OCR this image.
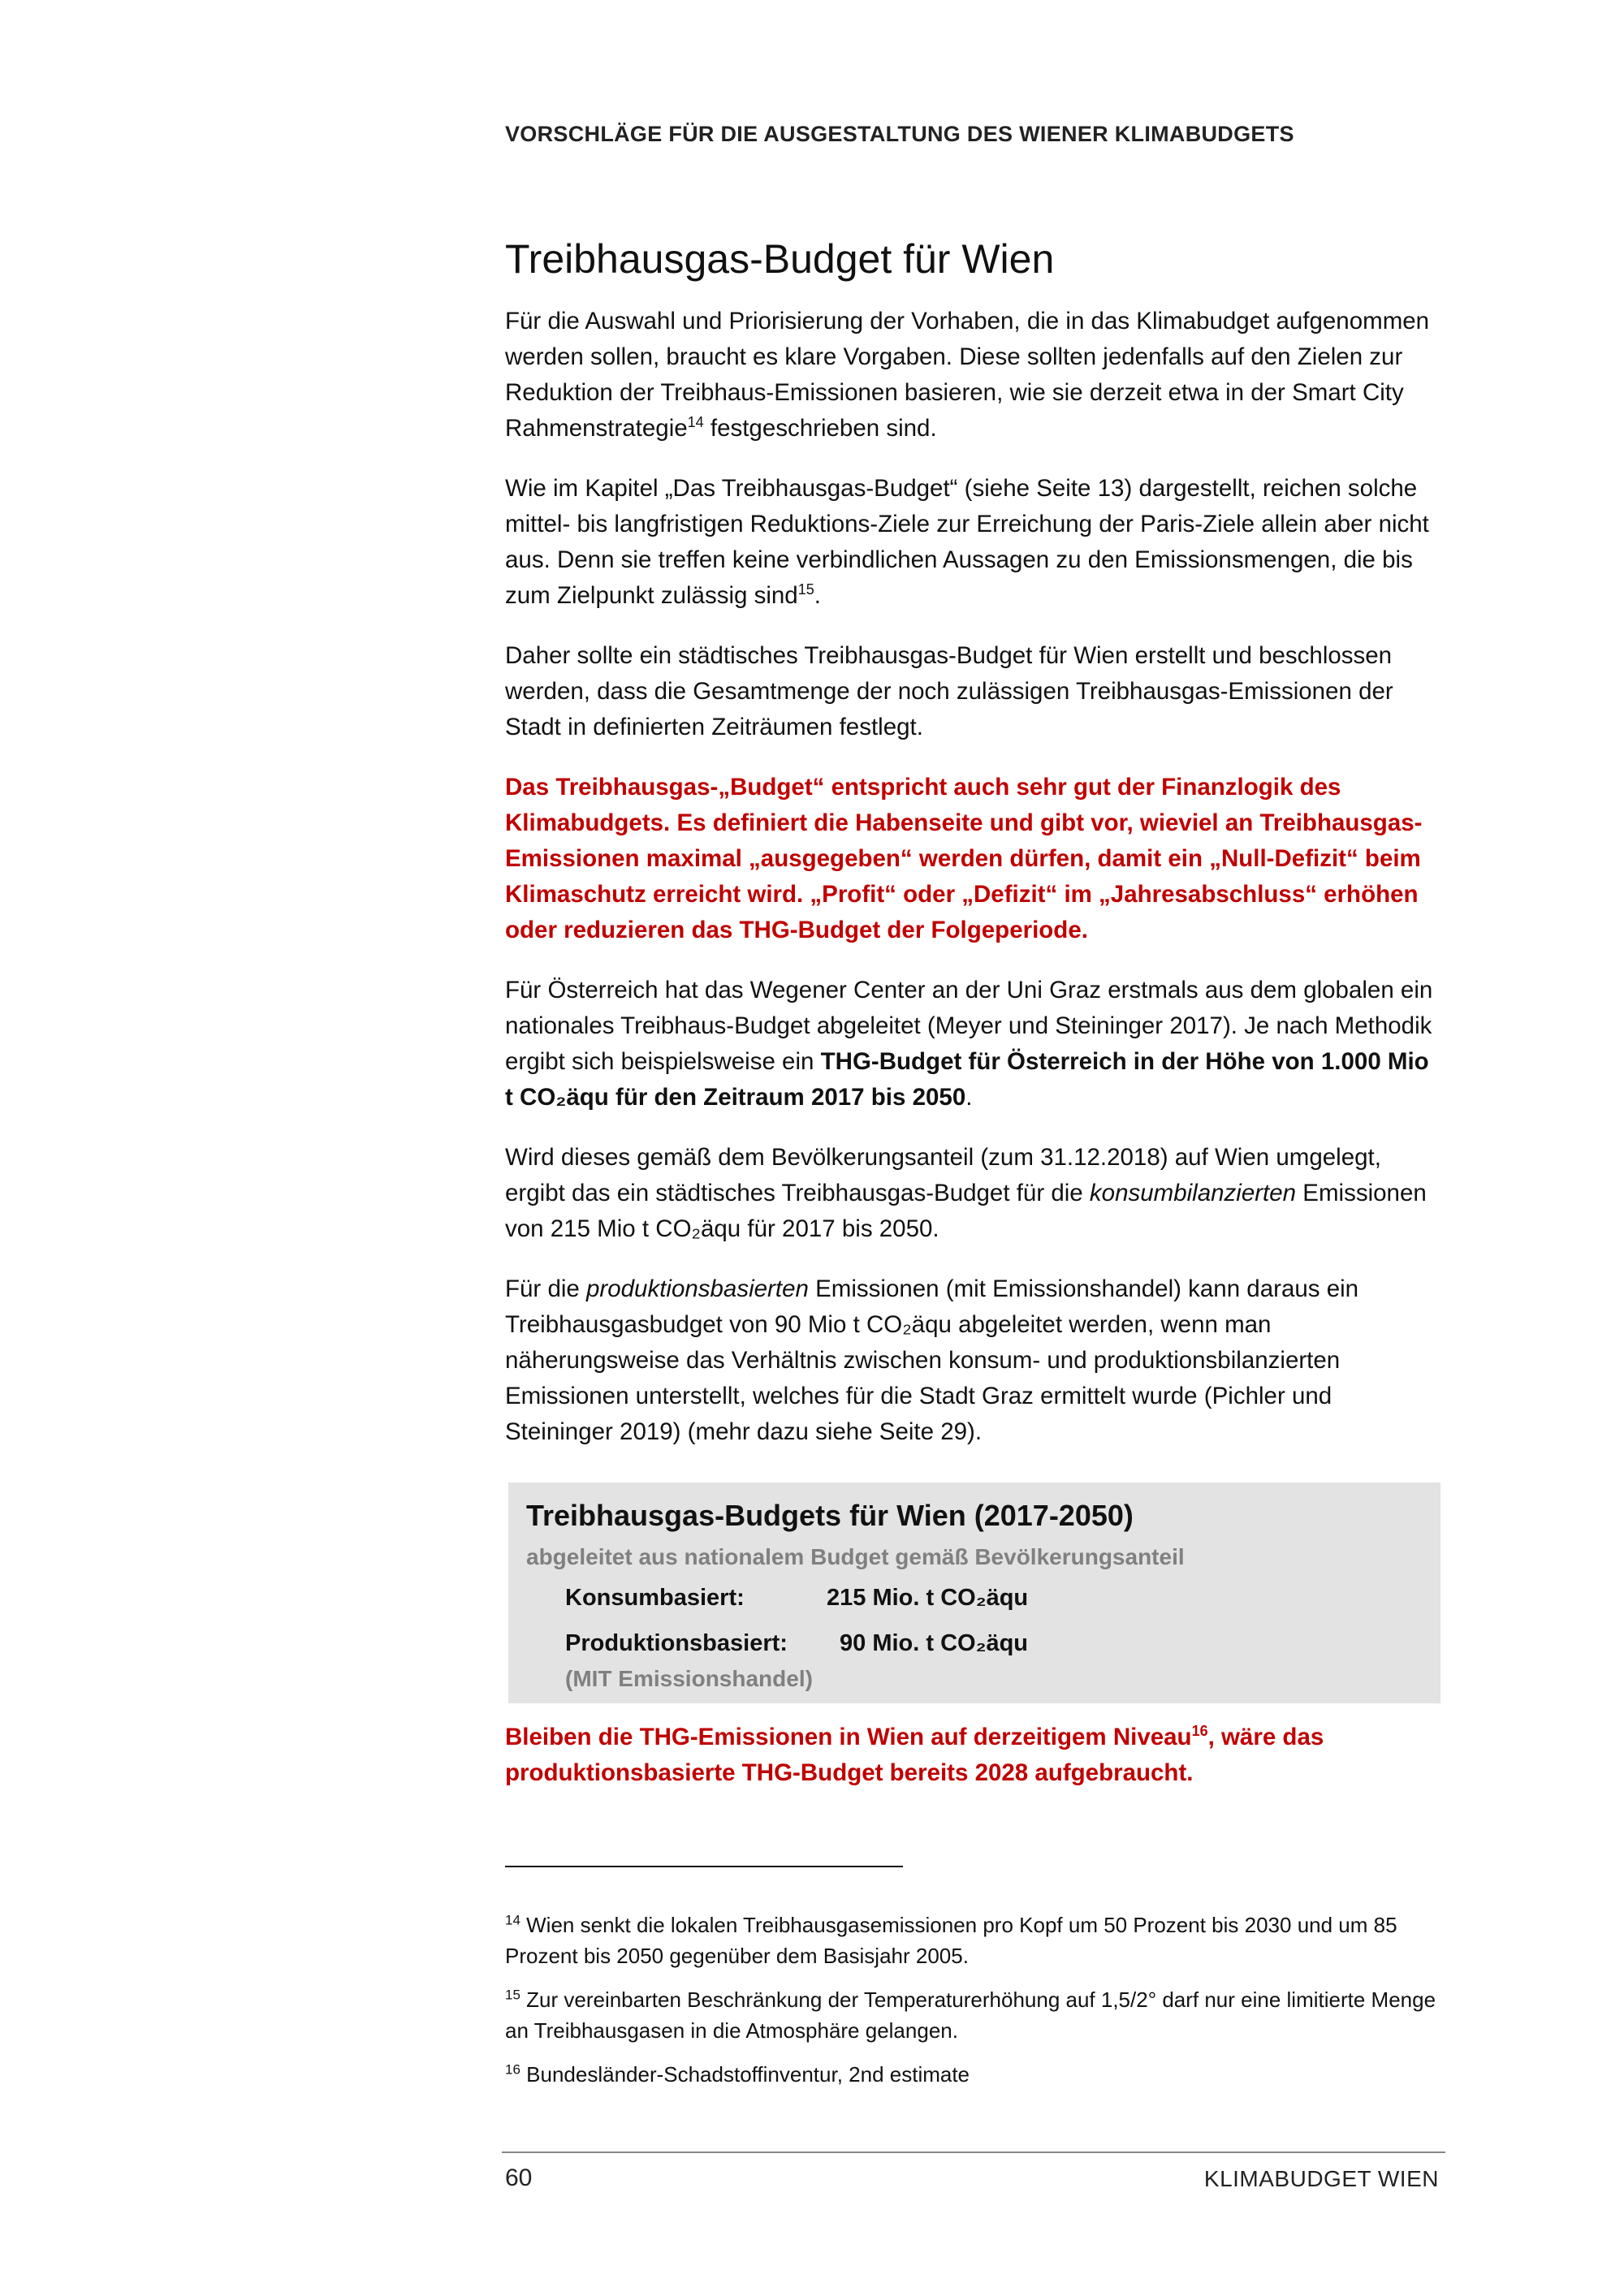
VORSCHLÄGE FÜR DIE AUSGESTALTUNG DES WIENER KLIMABUDGETS
Treibhausgas-Budget für Wien

Für die Auswahl und Priorisierung der Vorhaben, die in das Klimabudget aufgenommen werden sollen, braucht es klare Vorgaben. Diese sollten jedenfalls auf den Zielen zur Reduktion der Treibhaus-Emissionen basieren, wie sie derzeit etwa in der Smart City Rahmenstrategie$^{14}$ festgeschrieben sind.

Wie im Kapitel „Das Treibhausgas-Budget“ (siehe Seite 13) dargestellt, reichen solche mittel- bis langfristigen Reduktions-Ziele zur Erreichung der Paris-Ziele allein aber nicht aus. Denn sie treffen keine verbindlichen Aussagen zu den Emissionsmengen, die bis zum Zielpunkt zulässig sind$^{15}$.

Daher sollte ein städtisches Treibhausgas-Budget für Wien erstellt und beschlossen werden, dass die Gesamtmenge der noch zulässigen Treibhausgas-Emissionen der Stadt in definierten Zeiträumen festlegt.

Das Treibhausgas-„Budget“ entspricht auch sehr gut der Finanzlogik des Klimabudgets. Es definiert die Habenseite und gibt vor, wieviel an Treibhausgas-Emissionen maximal „ausgegeben“ werden dürfen, damit ein „Null-Defizit“ beim Klimaschutz erreicht wird. „Profit“ oder „Defizit“ im „Jahresabschluss“ erhöhen oder reduzieren das THG-Budget der Folgeperiode.

Für Österreich hat das Wegener Center an der Uni Graz erstmals aus dem globalen ein nationales Treibhaus-Budget abgeleitet (Meyer und Steininger 2017). Je nach Methodik ergibt sich beispielsweise ein THG-Budget für Österreich in der Höhe von 1.000 Mio t CO₂äqu für den Zeitraum 2017 bis 2050.

Wird dieses gemäß dem Bevölkerungsanteil (zum 31.12.2018) auf Wien umgelegt, ergibt das ein städtisches Treibhausgas-Budget für die konsumbilanzierten Emissionen von 215 Mio t CO₂äqu für 2017 bis 2050.

Für die produktionsbasierten Emissionen (mit Emissionshandel) kann daraus ein Treibhausgasbudget von 90 Mio t CO₂äqu abgeleitet werden, wenn man näherungsweise das Verhältnis zwischen konsum- und produktionsbilanzierten Emissionen unterstellt, welches für die Stadt Graz ermittelt wurde (Pichler und Steininger 2019) (mehr dazu siehe Seite 29).

Treibhausgas-Budgets für Wien (2017-2050)
abgeleitet aus nationalem Budget gemäß Bevölkerungsanteil
Konsumbasiert:	215 Mio. t CO₂äqu
Produktionsbasiert: 90 Mio. t CO₂äqu
(MIT Emissionshandel)
Bleiben die THG-Emissionen in Wien auf derzeitigem Niveau$^{16}$, wäre das produktionsbasierte THG-Budget bereits 2028 aufgebraucht.

$^{14}$ Wien senkt die lokalen Treibhausgasemissionen pro Kopf um 50 Prozent bis 2030 und um 85 Prozent bis 2050 gegenüber dem Basisjahr 2005.

$^{15}$ Zur vereinbarten Beschränkung der Temperaturerhöhung auf 1,5/2° darf nur eine limitierte Menge an Treibhausgasen in die Atmosphäre gelangen.

$^{16}$ Bundesländer-Schadstoffinventur, 2nd estimate

60	KLIMABUDGET WIEN
